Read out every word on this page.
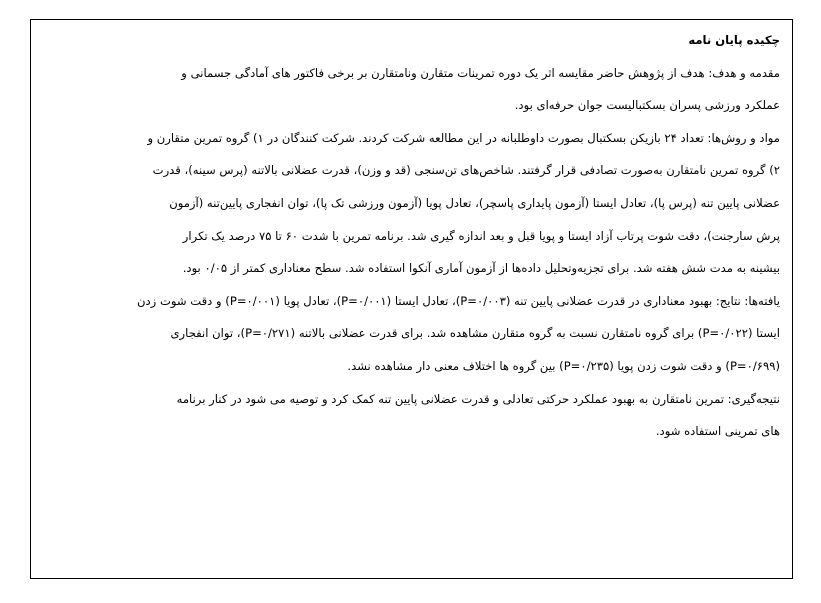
چکیده پایان نامه
مقدمه و هدف: هدف از پژوهش حاضر مقایسه اثر یک دوره تمرینات متقارن ونامتقارن بر برخی فاکتور های آمادگی جسمانی و
عملکرد ورزشی پسران بسکتبالیست جوان حرفه‌ای بود.
مواد و روش‌ها: تعداد ۲۴ بازیکن بسکتبال بصورت داوطلبانه در این مطالعه شرکت کردند. شرکت کنندگان در ۱) گروه تمرین متقارن و
۲) گروه تمرین نامتقارن به‌صورت تصادفی قرار گرفتند. شاخص‌های تن‌سنجی (قد و وزن)، قدرت عضلانی بالاتنه (پرس سینه)، قدرت
عضلانی پایین تنه (پرس پا)، تعادل ایستا (آزمون پایداری پاسچر)، تعادل پویا (آزمون ورزشی تک پا)، توان انفجاری پایین‌تنه (آزمون
پرش سارجنت)، دقت شوت پرتاب آزاد ایستا و پویا قبل و بعد اندازه گیری شد. برنامه تمرین با شدت ۶۰ تا ۷۵ درصد یک تکرار
بیشینه به مدت شش هفته شد. برای تجزیه‌وتحلیل داده‌ها از آزمون آماری آنکوا استفاده شد. سطح معناداری کمتر از ۰/۰۵ بود.
یافته‌ها: نتایج: بهبود معناداری در قدرت عضلانی پایین تنه (P=۰/۰۰۳)، تعادل ایستا (P=۰/۰۰۱)، تعادل پویا (P=۰/۰۰۱) و دقت شوت زدن
ایستا (P=۰/۰۲۲) برای گروه نامتقارن نسبت به گروه متقارن مشاهده شد. برای قدرت عضلانی بالاتنه (P=۰/۲۷۱)، توان انفجاری
(P=۰/۶۹۹) و دقت شوت زدن پویا (P=۰/۲۳۵) بین گروه ها اختلاف معنی دار مشاهده نشد.
نتیجه‌گیری: تمرین نامتقارن به بهبود عملکرد حرکتی تعادلی و قدرت عضلانی پایین تنه کمک کرد و توصیه می شود در کنار برنامه
های تمرینی استفاده شود.
